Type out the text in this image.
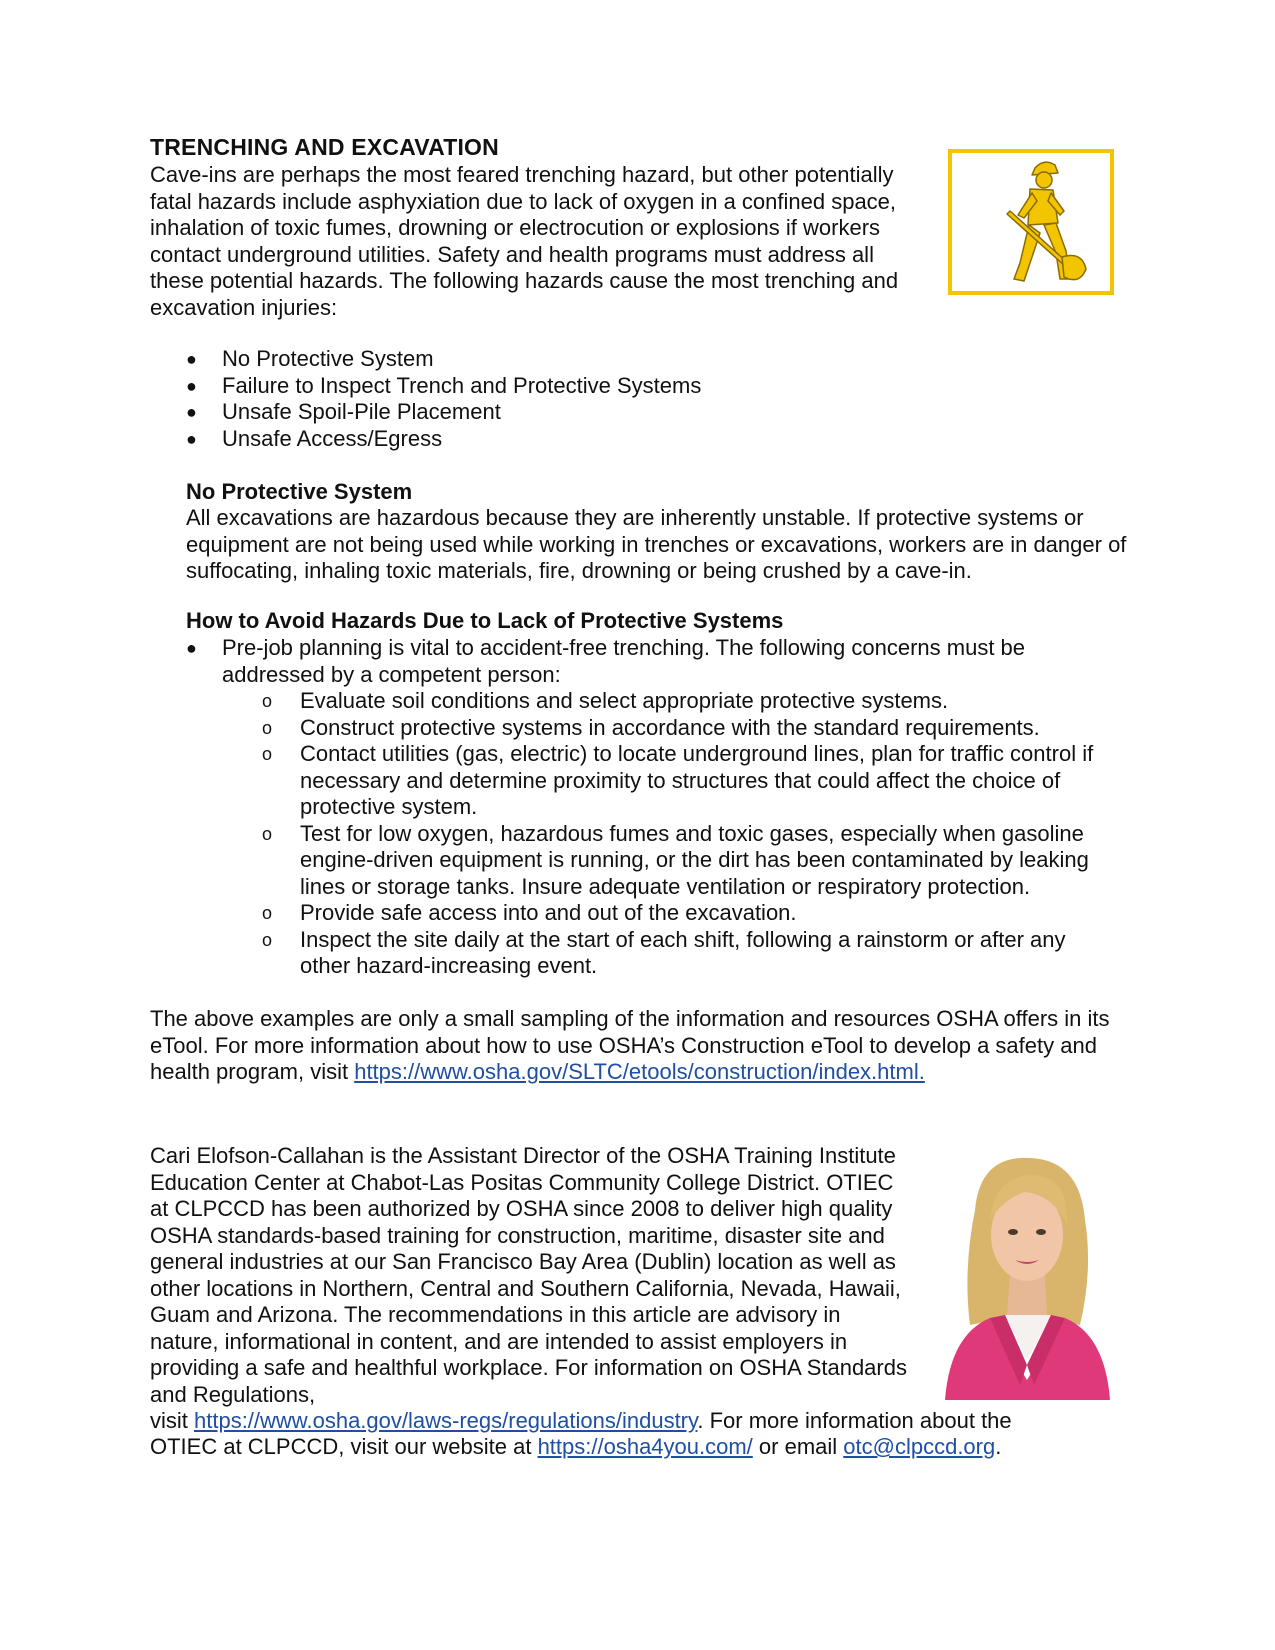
TRENCHING AND EXCAVATION
Cave-ins are perhaps the most feared trenching hazard, but other potentially fatal hazards include asphyxiation due to lack of oxygen in a confined space, inhalation of toxic fumes, drowning or electrocution or explosions if workers contact underground utilities. Safety and health programs must address all these potential hazards. The following hazards cause the most trenching and excavation injuries:
●	No Protective System
●	Failure to Inspect Trench and Protective Systems
●	Unsafe Spoil-Pile Placement
●	Unsafe Access/Egress
No Protective System
All excavations are hazardous because they are inherently unstable. If protective systems or equipment are not being used while working in trenches or excavations, workers are in danger of suffocating, inhaling toxic materials, fire, drowning or being crushed by a cave-in.
How to Avoid Hazards Due to Lack of Protective Systems
●	Pre-job planning is vital to accident-free trenching. The following concerns must be addressed by a competent person:
o Evaluate soil conditions and select appropriate protective systems.
o Construct protective systems in accordance with the standard requirements.
o Contact utilities (gas, electric) to locate underground lines, plan for traffic control if necessary and determine proximity to structures that could affect the choice of protective system.
o Test for low oxygen, hazardous fumes and toxic gases, especially when gasoline engine-driven equipment is running, or the dirt has been contaminated by leaking lines or storage tanks. Insure adequate ventilation or respiratory protection.
o Provide safe access into and out of the excavation.
o Inspect the site daily at the start of each shift, following a rainstorm or after any other hazard-increasing event.
The above examples are only a small sampling of the information and resources OSHA offers in its eTool. For more information about how to use OSHA’s Construction eTool to develop a safety and health program, visit https://www.osha.gov/SLTC/etools/construction/index.html.
Cari Elofson-Callahan is the Assistant Director of the OSHA Training Institute Education Center at Chabot-Las Positas Community College District. OTIEC at CLPCCD has been authorized by OSHA since 2008 to deliver high quality OSHA standards-based training for construction, maritime, disaster site and general industries at our San Francisco Bay Area (Dublin) location as well as other locations in Northern, Central and Southern California, Nevada, Hawaii, Guam and Arizona. The recommendations in this article are advisory in nature, informational in content, and are intended to assist employers in providing a safe and healthful workplace. For information on OSHA Standards and Regulations,
visit https://www.osha.gov/laws-regs/regulations/industry. For more information about the
OTIEC at CLPCCD, visit our website at https://osha4you.com/ or email otc@clpccd.org.
